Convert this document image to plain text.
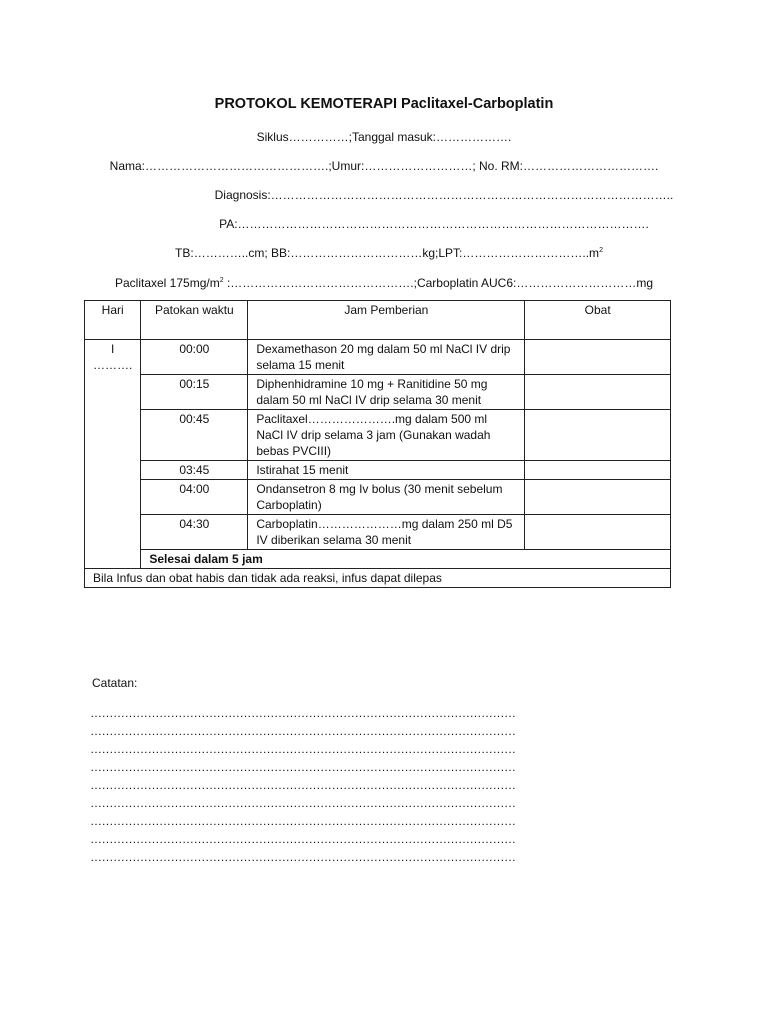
PROTOKOL KEMOTERAPI Paclitaxel-Carboplatin
Siklus……………;Tanggal masuk:……………….
Nama:……………………………………….;Umur:………………………; No. RM:…………………………….
Diagnosis:………………………………………………………………………………………..
PA:………………………………………………………………………………………….
TB:…………..cm; $BB:\dots\dots\dots\dots\dots\dots\dots\dots\dots\dots\dots kg;LPT:\dots\dots\dots\dots\dots\dots\dots\dots\dots\dots..m^2$
Paclitaxel $175mg/m^2$ :……………………………………….;Carboplatin AUC6:…………………………mg
Hari	Patokan waktu	Jam Pemberian	Obat

I
……….	00:00	Dexamethason 20 mg dalam 50 ml NaCl IV drip selama 15 menit	
	00:15	Diphenhidramine 10 mg + Ranitidine 50 mg dalam 50 ml NaCl IV drip selama 30 menit	
	00:45	Paclitaxel………………….mg dalam 500 ml NaCl IV drip selama 3 jam (Gunakan wadah bebas PVCIII)	
	03:45	Istirahat 15 menit	
	04:00	Ondansetron 8 mg Iv bolus (30 menit sebelum Carboplatin)	
	04:30	Carboplatin…………………mg dalam 250 ml D5 IV diberikan selama 30 menit	
	Selesai dalam 5 jam		
Bila Infus dan obat habis dan tidak ada reaksi, infus dapat dilepas			
Catatan:
…………………………………………………………………………………………………
…………………………………………………………………………………………………
…………………………………………………………………………………………………
…………………………………………………………………………………………………
…………………………………………………………………………………………………
…………………………………………………………………………………………………
…………………………………………………………………………………………………
…………………………………………………………………………………………………
…………………………………………………………………………………………………
